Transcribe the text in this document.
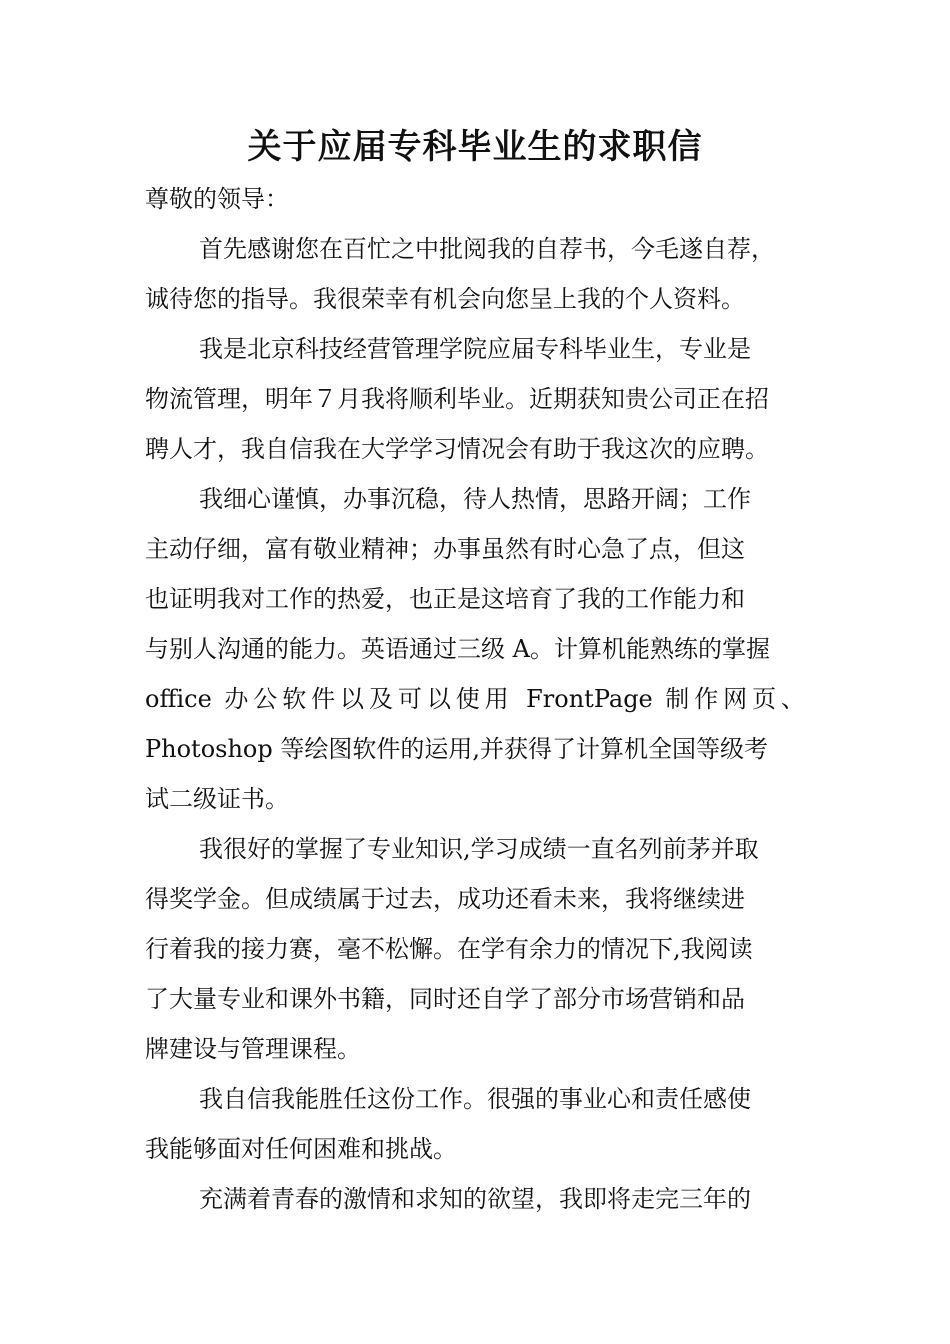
关于应届专科毕业生的求职信
尊敬的领导：
首先感谢您在百忙之中批阅我的自荐书，今毛遂自荐，
诚待您的指导。我很荣幸有机会向您呈上我的个人资料。
我是北京科技经营管理学院应届专科毕业生，专业是
物流管理，明年７月我将顺利毕业。近期获知贵公司正在招
聘人才，我自信我在大学学习情况会有助于我这次的应聘。
我细心谨慎，办事沉稳，待人热情，思路开阔；工作
主动仔细，富有敬业精神；办事虽然有时心急了点，但这
也证明我对工作的热爱，也正是这培育了我的工作能力和
与别人沟通的能力。英语通过三级 A。计算机能熟练的掌握
office 办公软件以及可以使用 FrontPage 制作网页、
Photoshop 等绘图软件的运用,并获得了计算机全国等级考
试二级证书。
我很好的掌握了专业知识,学习成绩一直名列前茅并取
得奖学金。但成绩属于过去，成功还看未来，我将继续进
行着我的接力赛，毫不松懈。在学有余力的情况下,我阅读
了大量专业和课外书籍，同时还自学了部分市场营销和品
牌建设与管理课程。
我自信我能胜任这份工作。很强的事业心和责任感使
我能够面对任何困难和挑战。
充满着青春的激情和求知的欲望，我即将走完三年的
